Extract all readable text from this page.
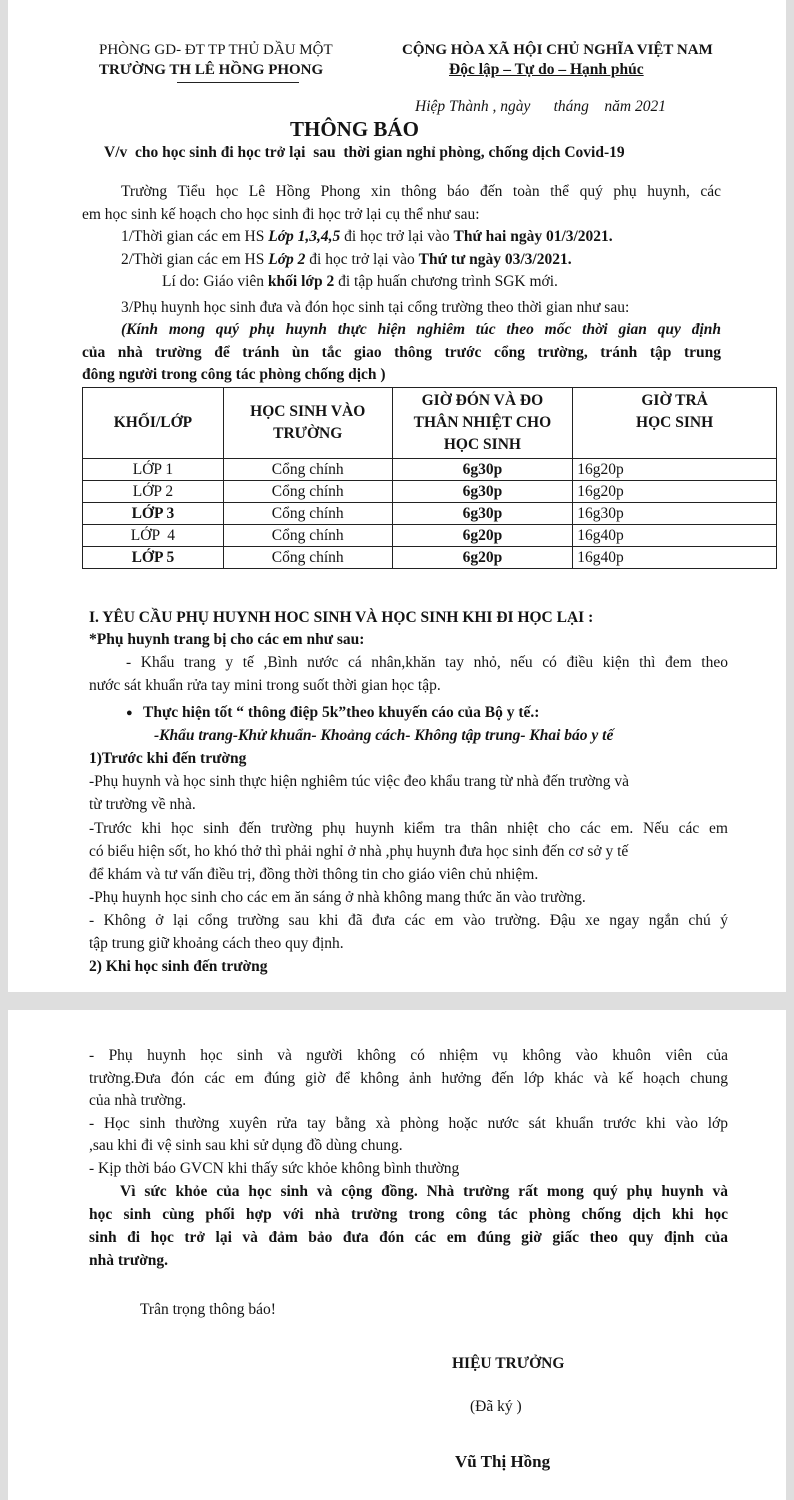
PHÒNG GD- ĐT TP THỦ DẦU MỘT
TRƯỜNG TH LÊ HỒNG PHONG
CỘNG HÒA XÃ HỘI CHỦ NGHĨA VIỆT NAM
Độc lập – Tự do – Hạnh phúc
Hiệp Thành , ngày      tháng    năm 2021
THÔNG BÁO
V/v  cho học sinh đi học trở lại  sau  thời gian nghỉ phòng, chống dịch Covid-19
Trường Tiểu học Lê Hồng Phong xin thông báo đến toàn thể quý phụ huynh, các
em học sinh kế hoạch cho học sinh đi học trở lại cụ thể như sau:
1/Thời gian các em HS Lớp 1,3,4,5 đi học trở lại vào Thứ hai ngày 01/3/2021.
2/Thời gian các em HS Lớp 2 đi học trở lại vào Thứ tư ngày 03/3/2021.
Lí do: Giáo viên khối lớp 2 đi tập huấn chương trình SGK mới.
3/Phụ huynh học sinh đưa và đón học sinh tại cổng trường theo thời gian như sau:
(Kính mong quý phụ huynh thực hiện nghiêm túc theo mốc thời gian quy định
của nhà trường để tránh ùn tắc giao thông trước cổng trường, tránh tập trung
đông người trong công tác phòng chống dịch )
KHỐI/LỚP	HỌC SINH VÀO TRƯỜNG	GIỜ ĐÓN VÀ ĐO THÂN NHIỆT CHO HỌC SINH	GIỜ TRẢ HỌC SINH
LỚP 1	Cổng chính	6g30p	16g20p
LỚP 2	Cổng chính	6g30p	16g20p
LỚP 3	Cổng chính	6g30p	16g30p
LỚP  4	Cổng chính	6g20p	16g40p
LỚP 5	Cổng chính	6g20p	16g40p
I. YÊU CẦU PHỤ HUYNH HOC SINH VÀ HỌC SINH KHI ĐI HỌC LẠI :
*Phụ huynh trang bị cho các em như sau:
- Khẩu trang y tế ,Bình nước cá nhân,khăn tay nhỏ, nếu có điều kiện thì đem theo
nước sát khuẩn rửa tay mini trong suốt thời gian học tập.
● Thực hiện tốt “ thông điệp 5k”theo khuyến cáo của Bộ y tế.:
-Khẩu trang-Khử khuẩn- Khoảng cách- Không tập trung- Khai báo y tế
1)Trước khi đến trường
-Phụ huynh và học sinh thực hiện nghiêm túc việc đeo khẩu trang từ nhà đến trường và
từ trường về nhà.
-Trước khi học sinh đến trường phụ huynh kiểm tra thân nhiệt cho các em. Nếu các em
có biểu hiện sốt, ho khó thở thì phải nghỉ ở nhà ,phụ huynh đưa học sinh đến cơ sở y tế
để khám và tư vấn điều trị, đồng thời thông tin cho giáo viên chủ nhiệm.
-Phụ huynh học sinh cho các em ăn sáng ở nhà không mang thức ăn vào trường.
- Không ở lại cổng trường sau khi đã đưa các em vào trường. Đậu xe ngay ngắn chú ý
tập trung giữ khoảng cách theo quy định.
2) Khi học sinh đến trường
- Phụ huynh học sinh và người không có nhiệm vụ không vào khuôn viên của
trường.Đưa đón các em đúng giờ để không ảnh hưởng đến lớp khác và kế hoạch chung
của nhà trường.
- Học sinh thường xuyên rửa tay bằng xà phòng hoặc nước sát khuẩn trước khi vào lớp
,sau khi đi vệ sinh sau khi sử dụng đồ dùng chung.
- Kịp thời báo GVCN khi thấy sức khỏe không bình thường
Vì sức khỏe của học sinh và cộng đồng. Nhà trường rất mong quý phụ huynh và
học sinh cùng phối hợp với nhà trường trong công tác phòng chống dịch khi học
sinh đi học trở lại và đảm bảo đưa đón các em đúng giờ giấc theo quy định của
nhà trường.
Trân trọng thông báo!
HIỆU TRƯỞNG
(Đã ký )
Vũ Thị Hồng
